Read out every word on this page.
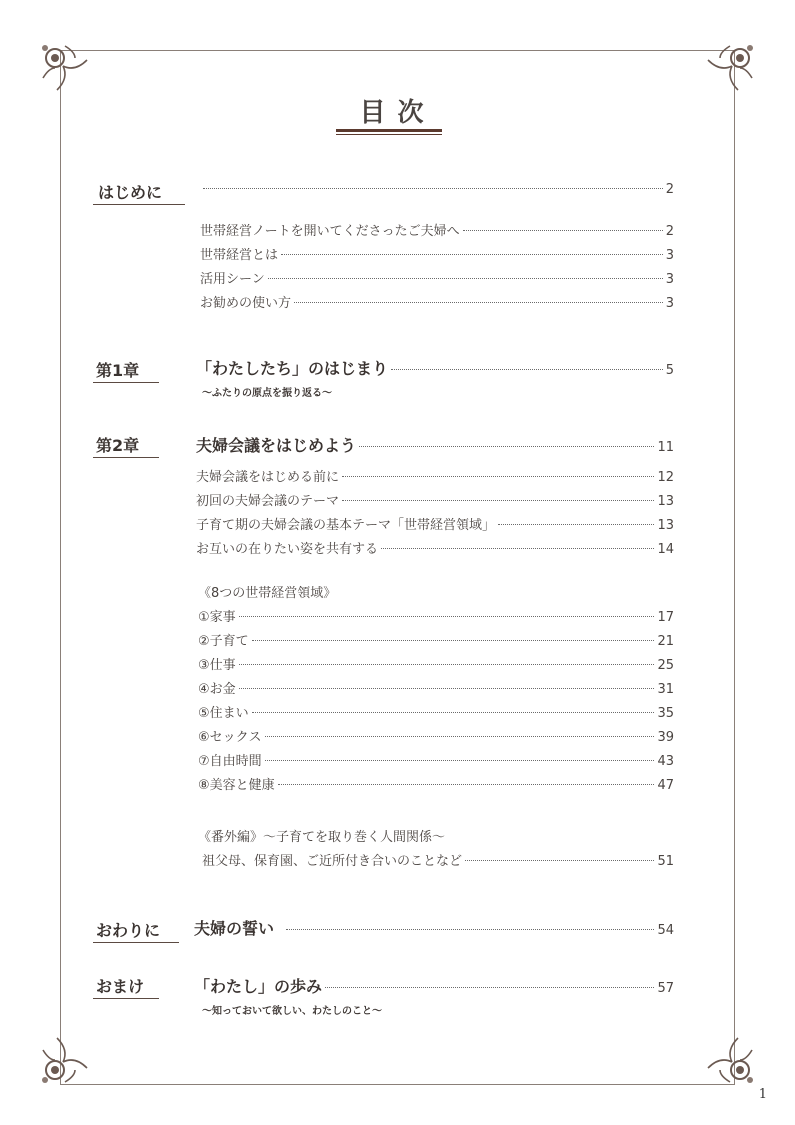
目次
はじめに	2
世帯経営ノートを開いてくださったご夫婦へ	2
世帯経営とは	3
活用シーン	3
お勧めの使い方	3
第1章	「わたしたち」のはじまり	5
〜ふたりの原点を振り返る〜
第2章	夫婦会議をはじめよう	11
夫婦会議をはじめる前に	12
初回の夫婦会議のテーマ	13
子育て期の夫婦会議の基本テーマ「世帯経営領域」	13
お互いの在りたい姿を共有する	14
《8つの世帯経営領域》
①家事	17
②子育て	21
③仕事	25
④お金	31
⑤住まい	35
⑥セックス	39
⑦自由時間	43
⑧美容と健康	47
《番外編》〜子育てを取り巻く人間関係〜
祖父母、保育園、ご近所付き合いのことなど	51
おわりに 夫婦の誓い	54
おまけ	「わたし」の歩み	57
〜知っておいて欲しい、わたしのこと〜
1
